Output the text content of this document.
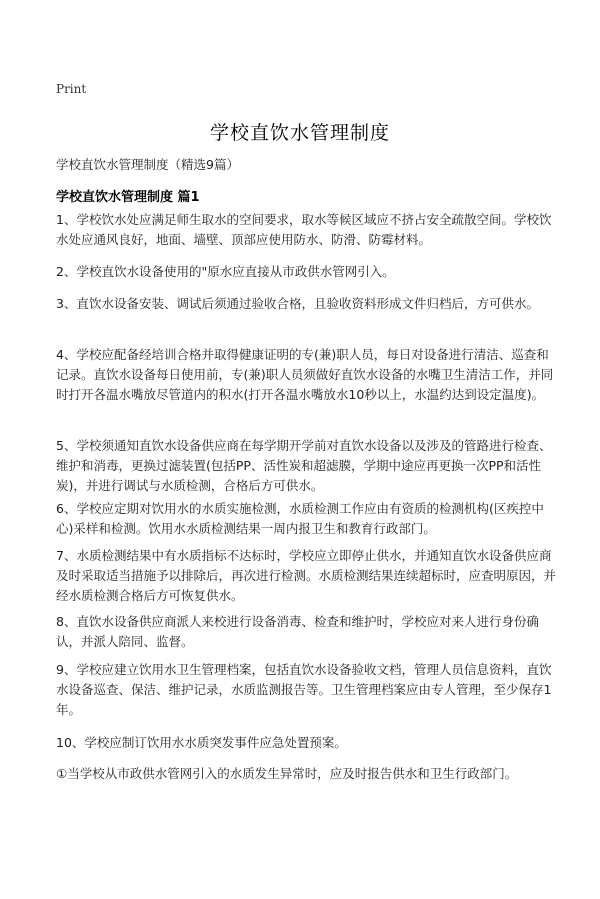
Print
学校直饮水管理制度
学校直饮水管理制度（精选9篇）
学校直饮水管理制度 篇1

1、学校饮水处应满足师生取水的空间要求，取水等候区域应不挤占安全疏散空间。学校饮水处应通风良好，地面、墙壁、顶部应使用防水、防滑、防霉材料。

2、学校直饮水设备使用的"原水应直接从市政供水管网引入。

3、直饮水设备安装、调试后须通过验收合格，且验收资料形成文件归档后，方可供水。

4、学校应配备经培训合格并取得健康证明的专(兼)职人员，每日对设备进行清洁、巡查和记录。直饮水设备每日使用前，专(兼)职人员须做好直饮水设备的水嘴卫生清洁工作，并同时打开各温水嘴放尽管道内的积水(打开各温水嘴放水10秒以上，水温约达到设定温度)。

5、学校须通知直饮水设备供应商在每学期开学前对直饮水设备以及涉及的管路进行检查、维护和消毒，更换过滤装置(包括PP、活性炭和超滤膜，学期中途应再更换一次PP和活性炭)，并进行调试与水质检测，合格后方可供水。

6、学校应定期对饮用水的水质实施检测，水质检测工作应由有资质的检测机构(区疾控中心)采样和检测。饮用水水质检测结果一周内报卫生和教育行政部门。

7、水质检测结果中有水质指标不达标时，学校应立即停止供水，并通知直饮水设备供应商及时采取适当措施予以排除后，再次进行检测。水质检测结果连续超标时，应查明原因，并经水质检测合格后方可恢复供水。

8、直饮水设备供应商派人来校进行设备消毒、检查和维护时，学校应对来人进行身份确认，并派人陪同、监督。

9、学校应建立饮用水卫生管理档案，包括直饮水设备验收文档，管理人员信息资料，直饮水设备巡查、保洁、维护记录，水质监测报告等。卫生管理档案应由专人管理，至少保存1年。

10、学校应制订饮用水水质突发事件应急处置预案。

①当学校从市政供水管网引入的水质发生异常时，应及时报告供水和卫生行政部门。
